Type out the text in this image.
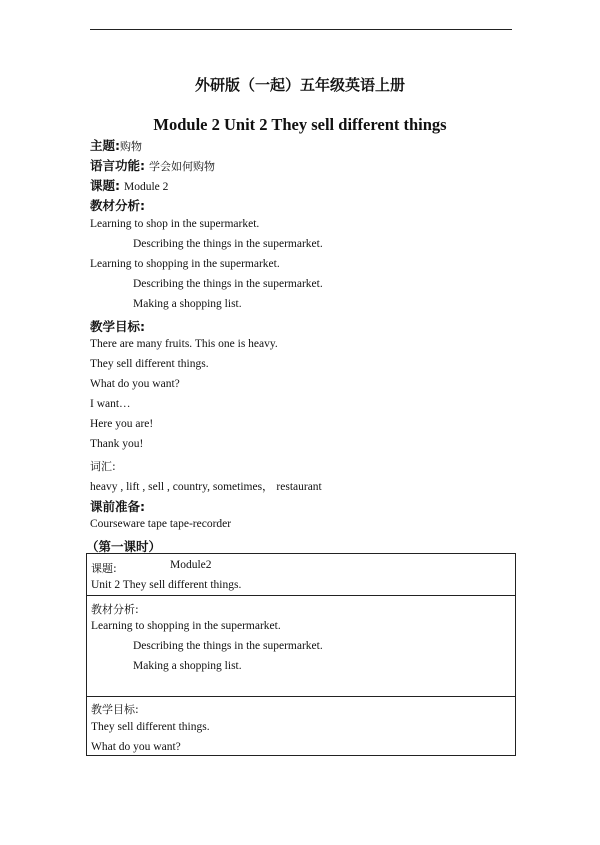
外研版（一起）五年级英语上册
Module 2 Unit 2 They sell different things
主题:购物
语言功能: 学会如何购物
课题: Module 2
教材分析:
Learning to shop in the supermarket.
Describing the things in the supermarket.
Learning to shopping in the supermarket.
Describing the things in the supermarket.
Making a shopping list.
教学目标:
There are many fruits. This one is heavy.
They sell different things.
What do you want?
I want…
Here you are!
Thank you!
词汇:
heavy , lift , sell , country, sometimes， restaurant
课前准备:
Courseware tape tape-recorder
（第一课时）
课题:	Module2
Unit 2 They sell different things.
教材分析:
Learning to shopping in the supermarket.
Describing the things in the supermarket.
Making a shopping list.
教学目标:
They sell different things.
What do you want?
